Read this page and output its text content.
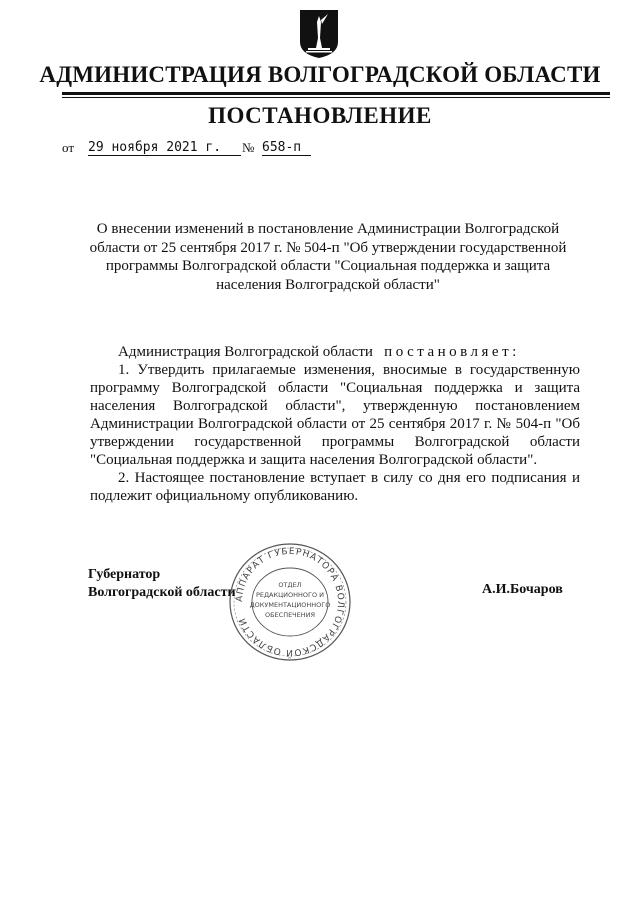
АДМИНИСТРАЦИЯ ВОЛГОГРАДСКОЙ ОБЛАСТИ
ПОСТАНОВЛЕНИЕ
от 29 ноября 2021 г.	№ 658-п
О внесении изменений в постановление Администрации Волгоградской области от 25 сентября 2017 г. № 504-п "Об утверждении государственной программы Волгоградской области "Социальная поддержка и защита населения Волгоградской области"

Администрация Волгоградской области постановляет:

1. Утвердить прилагаемые изменения, вносимые в государственную программу Волгоградской области "Социальная поддержка и защита населения Волгоградской области", утвержденную постановлением Администрации Волгоградской области от 25 сентября 2017 г. № 504-п "Об утверждении государственной программы Волгоградской области "Социальная поддержка и защита населения Волгоградской области".

2. Настоящее постановление вступает в силу со дня его подписания и подлежит официальному опубликованию.

Губернатор
Волгоградской области АППАРАТ ГУБЕРНАТОРА ВОЛГОГРАДСКОЙ ОБЛАСТИ
ОТДЕЛ
РЕДАКЦИОННОГО И
ДОКУМЕНТАЦИОННОГО
ОБЕСПЕЧЕНИЯ
А.И.Бочаров
